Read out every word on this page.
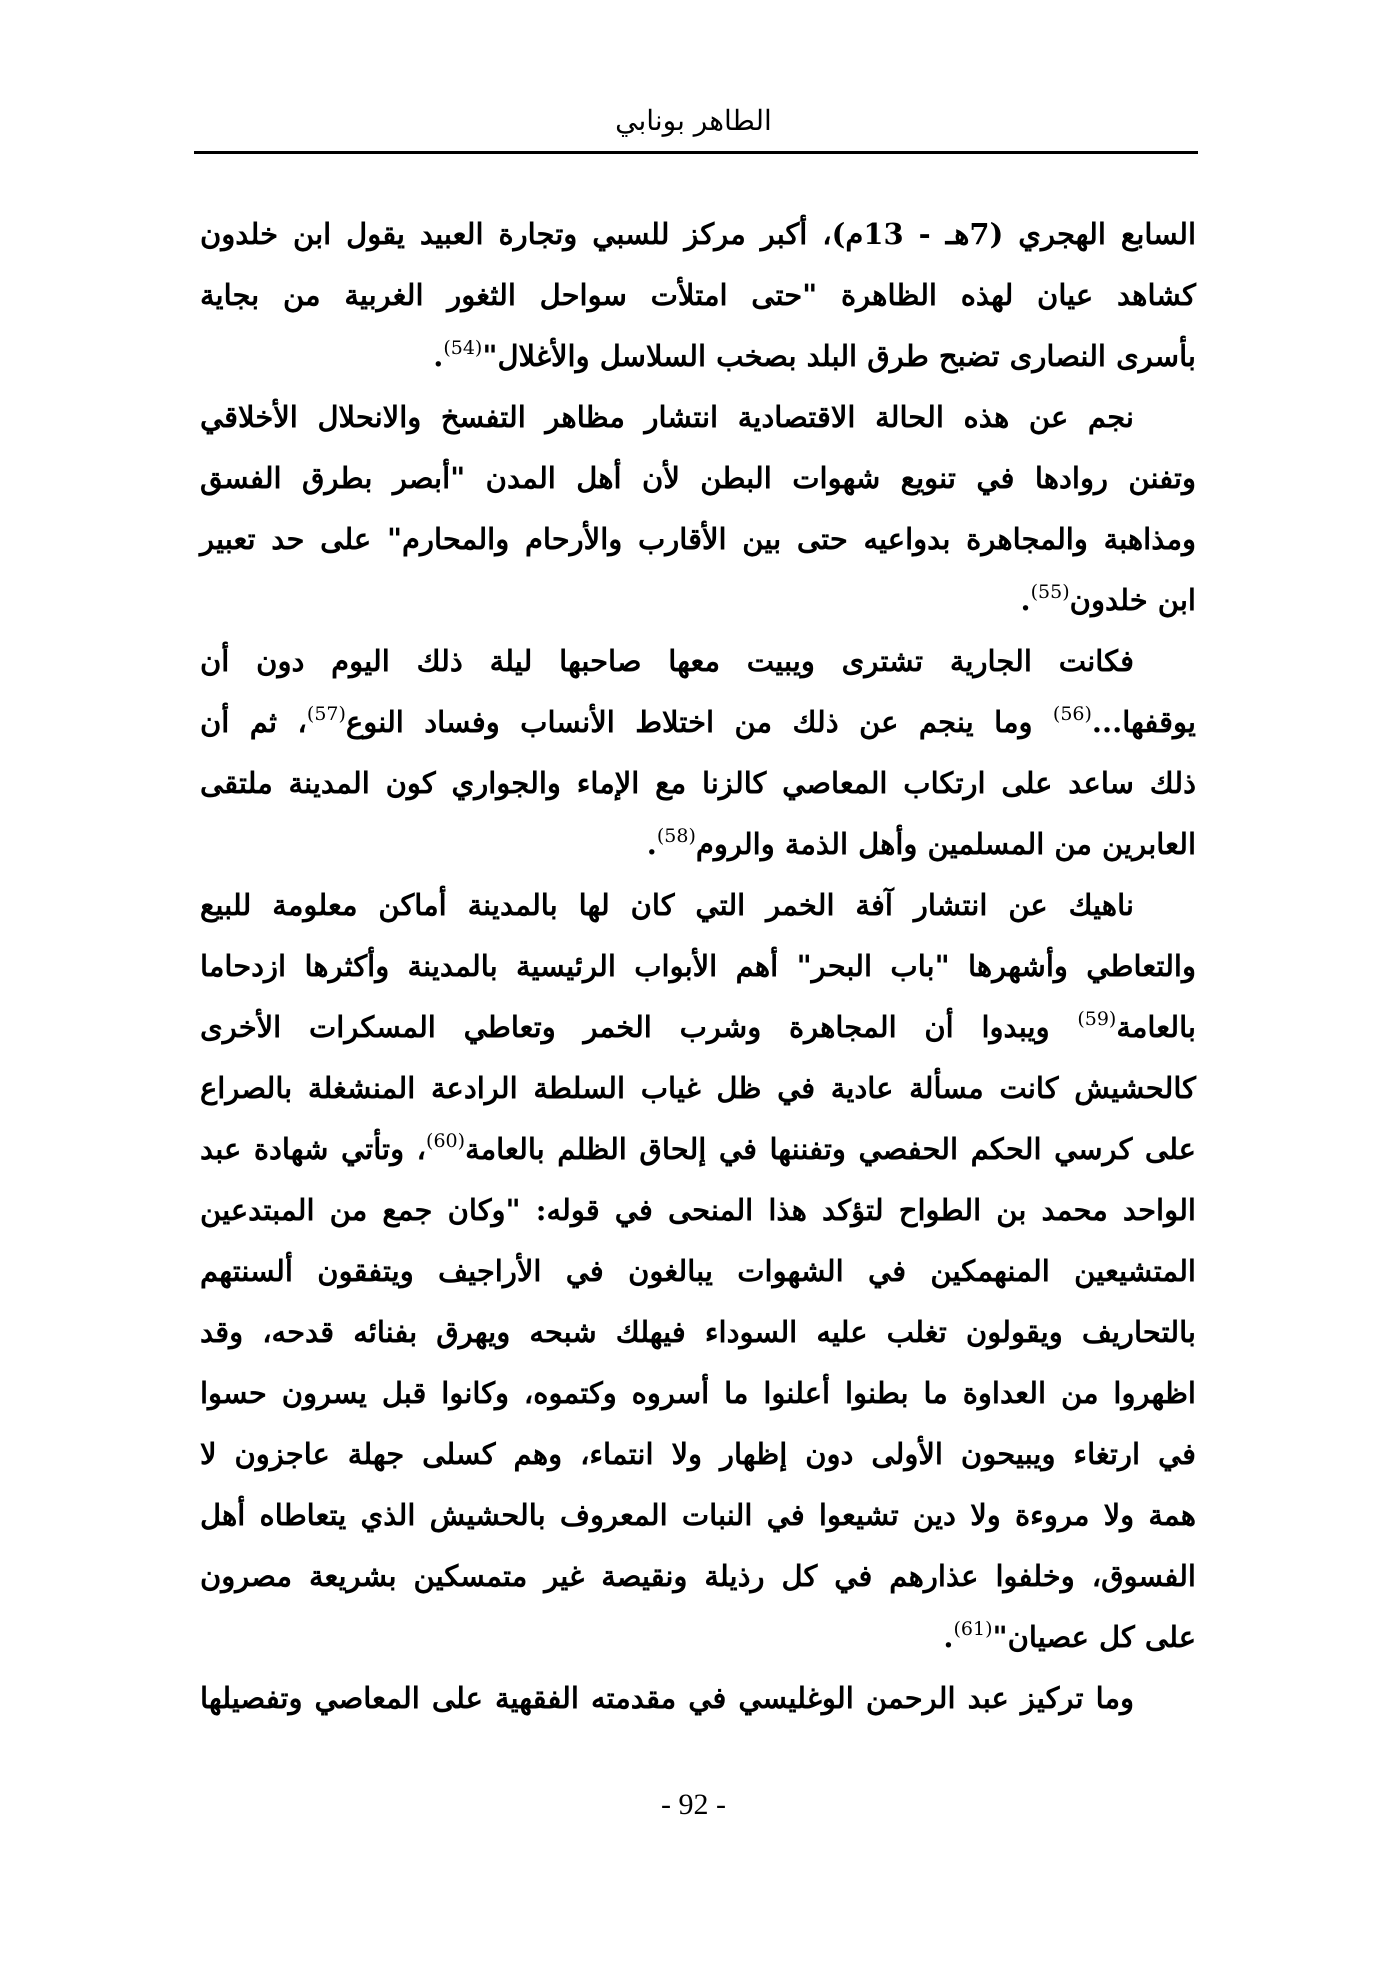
الطاهر بونابي
السابع الهجري (7هـ - 13م)، أكبر مركز للسبي وتجارة العبيد يقول ابن خلدون
كشاهد عيان لهذه الظاهرة "حتى امتلأت سواحل الثغور الغربية من بجاية
بأسرى النصارى تضبح طرق البلد بصخب السلاسل والأغلال"$^{(54)}$.
نجم عن هذه الحالة الاقتصادية انتشار مظاهر التفسخ والانحلال الأخلاقي
وتفنن روادها في تنويع شهوات البطن لأن أهل المدن "أبصر بطرق الفسق
ومذاهبة والمجاهرة بدواعيه حتى بين الأقارب والأرحام والمحارم" على حد تعبير
ابن خلدون$^{(55)}$.
فكانت الجارية تشترى ويبيت معها صاحبها ليلة ذلك اليوم دون أن
يوقفها...$^{(56)}$ وما ينجم عن ذلك من اختلاط الأنساب وفساد النوع$^{(57)}$، ثم أن
ذلك ساعد على ارتكاب المعاصي كالزنا مع الإماء والجواري كون المدينة ملتقى
العابرين من المسلمين وأهل الذمة والروم$^{(58)}$.
ناهيك عن انتشار آفة الخمر التي كان لها بالمدينة أماكن معلومة للبيع
والتعاطي وأشهرها "باب البحر" أهم الأبواب الرئيسية بالمدينة وأكثرها ازدحاما
بالعامة$^{(59)}$ ويبدوا أن المجاهرة وشرب الخمر وتعاطي المسكرات الأخرى
كالحشيش كانت مسألة عادية في ظل غياب السلطة الرادعة المنشغلة بالصراع
على كرسي الحكم الحفصي وتفننها في إلحاق الظلم بالعامة$^{(60)}$، وتأتي شهادة عبد
الواحد محمد بن الطواح لتؤكد هذا المنحى في قوله: "وكان جمع من المبتدعين
المتشيعين المنهمكين في الشهوات يبالغون في الأراجيف ويتفقون ألسنتهم
بالتحاريف ويقولون تغلب عليه السوداء فيهلك شبحه ويهرق بفنائه قدحه، وقد
اظهروا من العداوة ما بطنوا أعلنوا ما أسروه وكتموه، وكانوا قبل يسرون حسوا
في ارتغاء ويبيحون الأولى دون إظهار ولا انتماء، وهم كسلى جهلة عاجزون لا
همة ولا مروءة ولا دين تشيعوا في النبات المعروف بالحشيش الذي يتعاطاه أهل
الفسوق، وخلفوا عذارهم في كل رذيلة ونقيصة غير متمسكين بشريعة مصرون
على كل عصيان"$^{(61)}$.
وما تركيز عبد الرحمن الوغليسي في مقدمته الفقهية على المعاصي وتفصيلها
- 92 -
